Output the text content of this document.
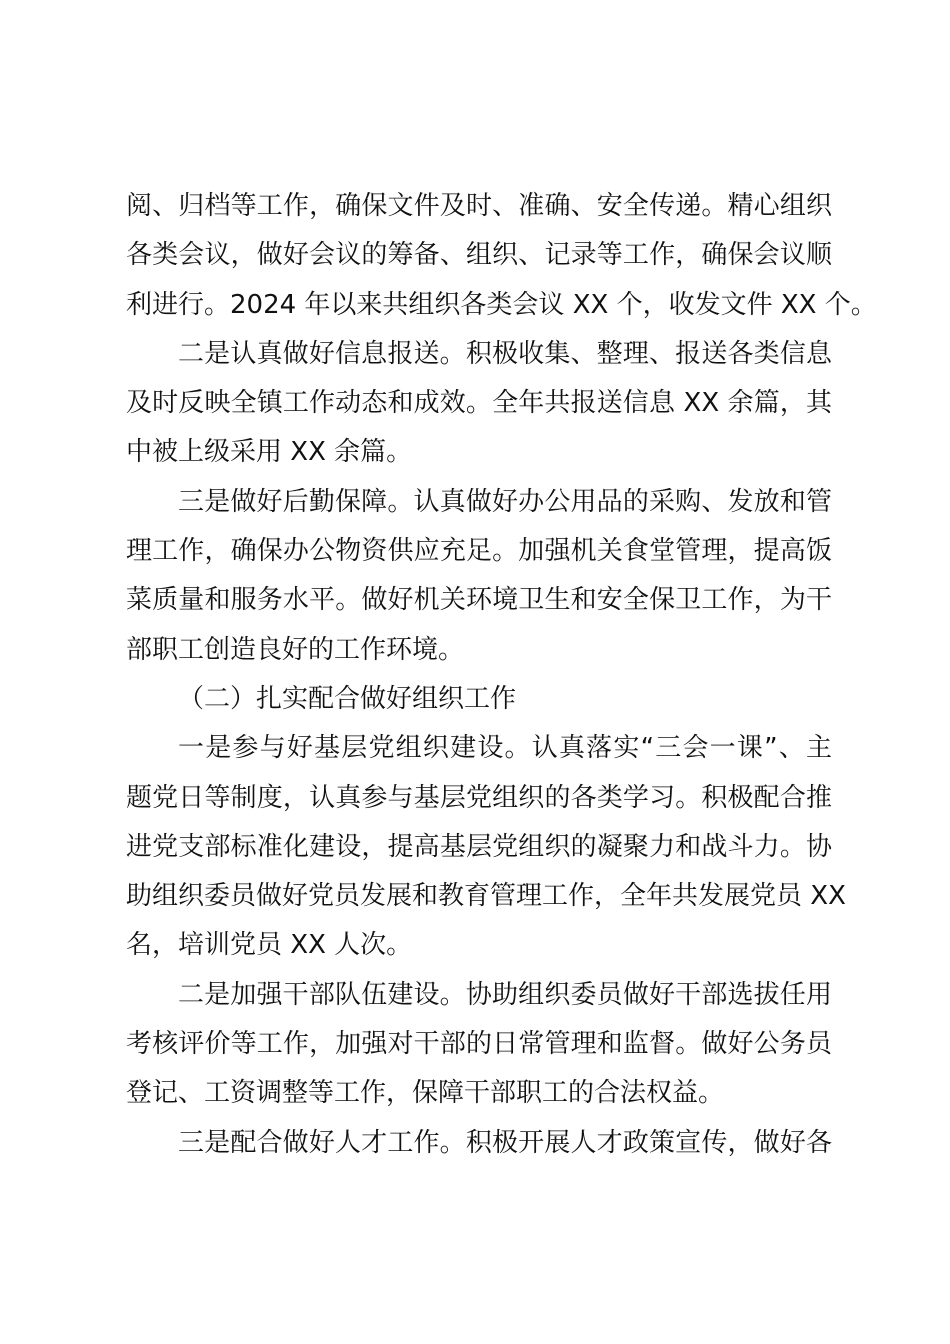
阅、归档等工作，确保文件及时、准确、安全传递。精心组织
各类会议，做好会议的筹备、组织、记录等工作，确保会议顺
利进行。2024 年以来共组织各类会议 XX 个，收发文件 XX 个。
二是认真做好信息报送。积极收集、整理、报送各类信息
及时反映全镇工作动态和成效。全年共报送信息 XX 余篇，其
中被上级采用 XX 余篇。
三是做好后勤保障。认真做好办公用品的采购、发放和管
理工作，确保办公物资供应充足。加强机关食堂管理，提高饭
菜质量和服务水平。做好机关环境卫生和安全保卫工作，为干
部职工创造良好的工作环境。
（二）扎实配合做好组织工作
一是参与好基层党组织建设。认真落实“三会一课”、主
题党日等制度，认真参与基层党组织的各类学习。积极配合推
进党支部标准化建设，提高基层党组织的凝聚力和战斗力。协
助组织委员做好党员发展和教育管理工作，全年共发展党员 XX
名，培训党员 XX 人次。
二是加强干部队伍建设。协助组织委员做好干部选拔任用
考核评价等工作，加强对干部的日常管理和监督。做好公务员
登记、工资调整等工作，保障干部职工的合法权益。
三是配合做好人才工作。积极开展人才政策宣传，做好各
